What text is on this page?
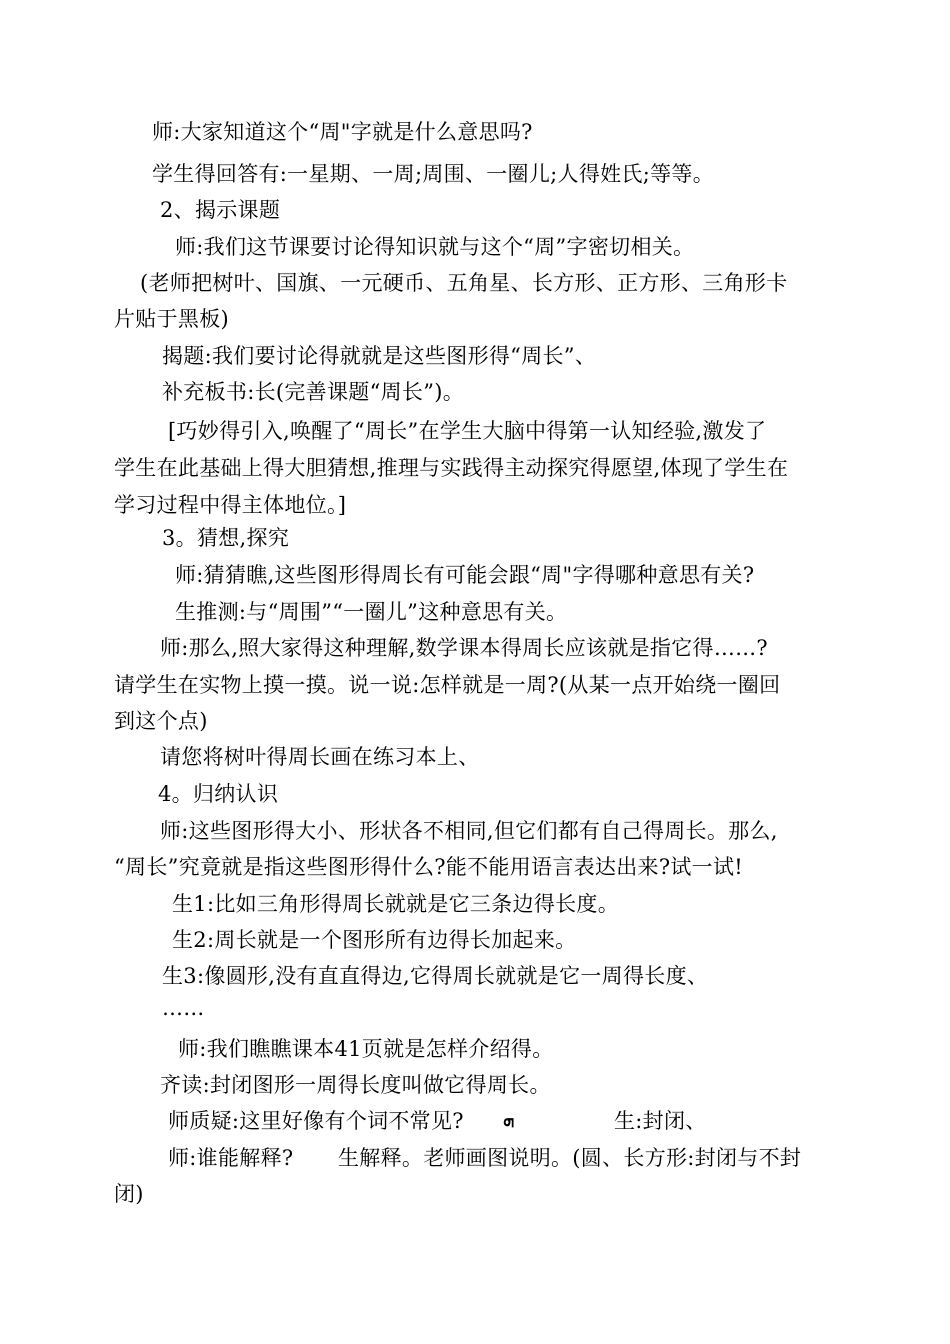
师:大家知道这个“周"字就是什么意思吗?
学生得回答有:一星期、一周;周围、一圈儿;人得姓氏;等等。
2、揭示课题
师:我们这节课要讨论得知识就与这个“周”字密切相关。
(老师把树叶、国旗、一元硬币、五角星、长方形、正方形、三角形卡
片贴于黑板)
揭题:我们要讨论得就就是这些图形得“周长”、
补充板书:长(完善课题“周长”)。
[巧妙得引入,唤醒了“周长”在学生大脑中得第一认知经验,激发了
学生在此基础上得大胆猜想,推理与实践得主动探究得愿望,体现了学生在
学习过程中得主体地位。]
3。猜想,探究
师:猜猜瞧,这些图形得周长有可能会跟“周"字得哪种意思有关?
生推测:与“周围”“一圈儿”这种意思有关。
师:那么,照大家得这种理解,数学课本得周长应该就是指它得……?
请学生在实物上摸一摸。说一说:怎样就是一周?(从某一点开始绕一圈回
到这个点)
请您将树叶得周长画在练习本上、
4。归纳认识
师:这些图形得大小、形状各不相同,但它们都有自己得周长。那么,
“周长”究竟就是指这些图形得什么?能不能用语言表达出来?试一试!
生1:比如三角形得周长就就是它三条边得长度。
生2:周长就是一个图形所有边得长加起来。
生3:像圆形,没有直直得边,它得周长就就是它一周得长度、
……
师:我们瞧瞧课本41页就是怎样介绍得。
齐读:封闭图形一周得长度叫做它得周长。
师质疑:这里好像有个词不常见? ܗ	生:封闭、
师:谁能解释? 生解释。老师画图说明。(圆、长方形:封闭与不封
闭)
